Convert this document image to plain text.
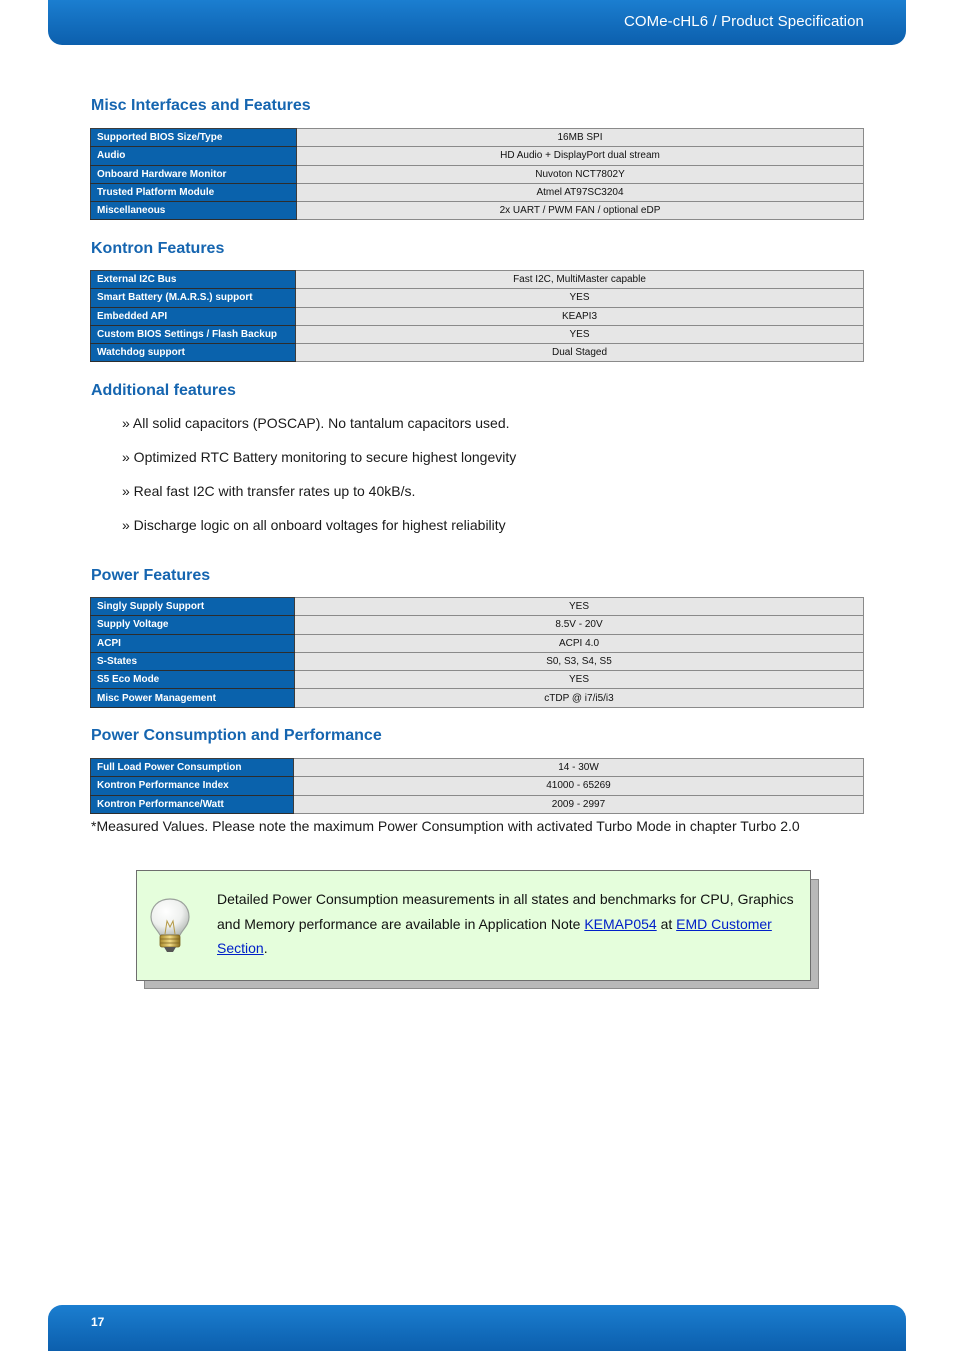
COMe-cHL6 / Product Specification
Misc Interfaces and Features
Supported BIOS Size/Type	16MB SPI
Audio	HD Audio + DisplayPort dual stream
Onboard Hardware Monitor	Nuvoton NCT7802Y
Trusted Platform Module	Atmel AT97SC3204
Miscellaneous	2x UART / PWM FAN / optional eDP
Kontron Features
External I2C Bus	Fast I2C, MultiMaster capable
Smart Battery (M.A.R.S.) support	YES
Embedded API	KEAPI3
Custom BIOS Settings / Flash Backup	YES
Watchdog support	Dual Staged
Additional features
» All solid capacitors (POSCAP). No tantalum capacitors used.
» Optimized RTC Battery monitoring to secure highest longevity
» Real fast I2C with transfer rates up to 40kB/s.
» Discharge logic on all onboard voltages for highest reliability
Power Features
Singly Supply Support	YES
Supply Voltage	8.5V - 20V
ACPI	ACPI 4.0
S-States	S0, S3, S4, S5
S5 Eco Mode	YES
Misc Power Management	cTDP @ i7/i5/i3
Power Consumption and Performance
Full Load Power Consumption	14 - 30W
Kontron Performance Index	41000 - 65269
Kontron Performance/Watt	2009 - 2997
*Measured Values. Please note the maximum Power Consumption with activated Turbo Mode in chapter Turbo 2.0
Detailed Power Consumption measurements in all states and benchmarks for CPU, Graphics and Memory performance are available in Application Note KEMAP054 at EMD Customer Section.
17
